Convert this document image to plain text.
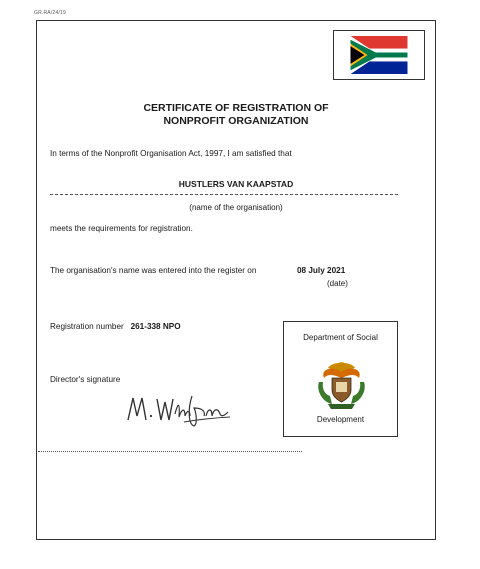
GR.RA/24/19
CERTIFICATE OF REGISTRATION OF
NONPROFIT ORGANIZATION
In terms of the Nonprofit Organisation Act, 1997, I am satisfied that
HUSTLERS VAN KAAPSTAD
(name of the organisation)
meets the requirements for registration.
The organisation's name was entered into the register on	08 July 2021
(date)
Registration number 261-338 NPO
Director's signature
Department of Social
Development
